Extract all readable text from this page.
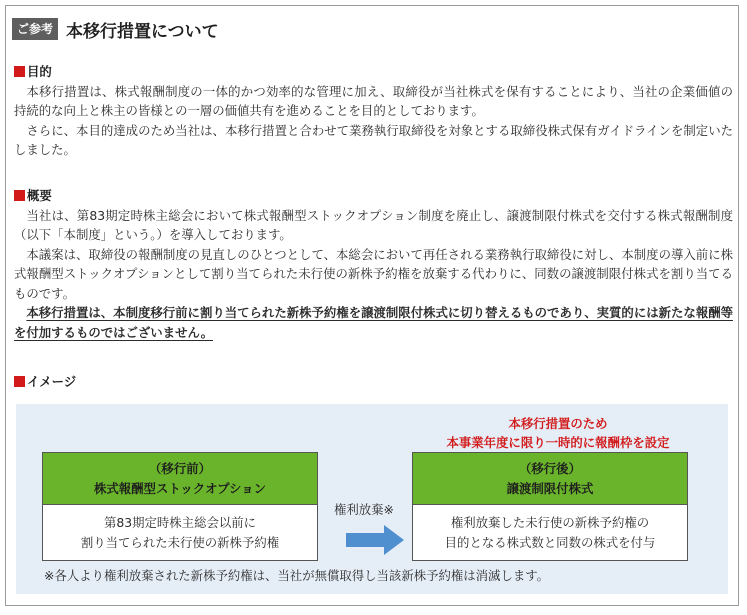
ご参考 本移行措置について
目的
本移行措置は、株式報酬制度の一体的かつ効率的な管理に加え、取締役が当社株式を保有することにより、当社の企業価値の持続的な向上と株主の皆様との一層の価値共有を進めることを目的としております。
さらに、本目的達成のため当社は、本移行措置と合わせて業務執行取締役を対象とする取締役株式保有ガイドラインを制定いたしました。
概要
当社は、第83期定時株主総会において株式報酬型ストックオプション制度を廃止し、譲渡制限付株式を交付する株式報酬制度（以下「本制度」という。）を導入しております。
本議案は、取締役の報酬制度の見直しのひとつとして、本総会において再任される業務執行取締役に対し、本制度の導入前に株式報酬型ストックオプションとして割り当てられた未行使の新株予約権を放棄する代わりに、同数の譲渡制限付株式を割り当てるものです。
本移行措置は、本制度移行前に割り当てられた新株予約権を譲渡制限付株式に切り替えるものであり、実質的には新たな報酬等を付加するものではございません。
イメージ
本移行措置のため
本事業年度に限り一時的に報酬枠を設定
（移行前）
株式報酬型ストックオプション
第83期定時株主総会以前に
割り当てられた未行使の新株予約権
権利放棄※
（移行後）
譲渡制限付株式
権利放棄した未行使の新株予約権の
目的となる株式数と同数の株式を付与
※各人より権利放棄された新株予約権は、当社が無償取得し当該新株予約権は消滅します。
